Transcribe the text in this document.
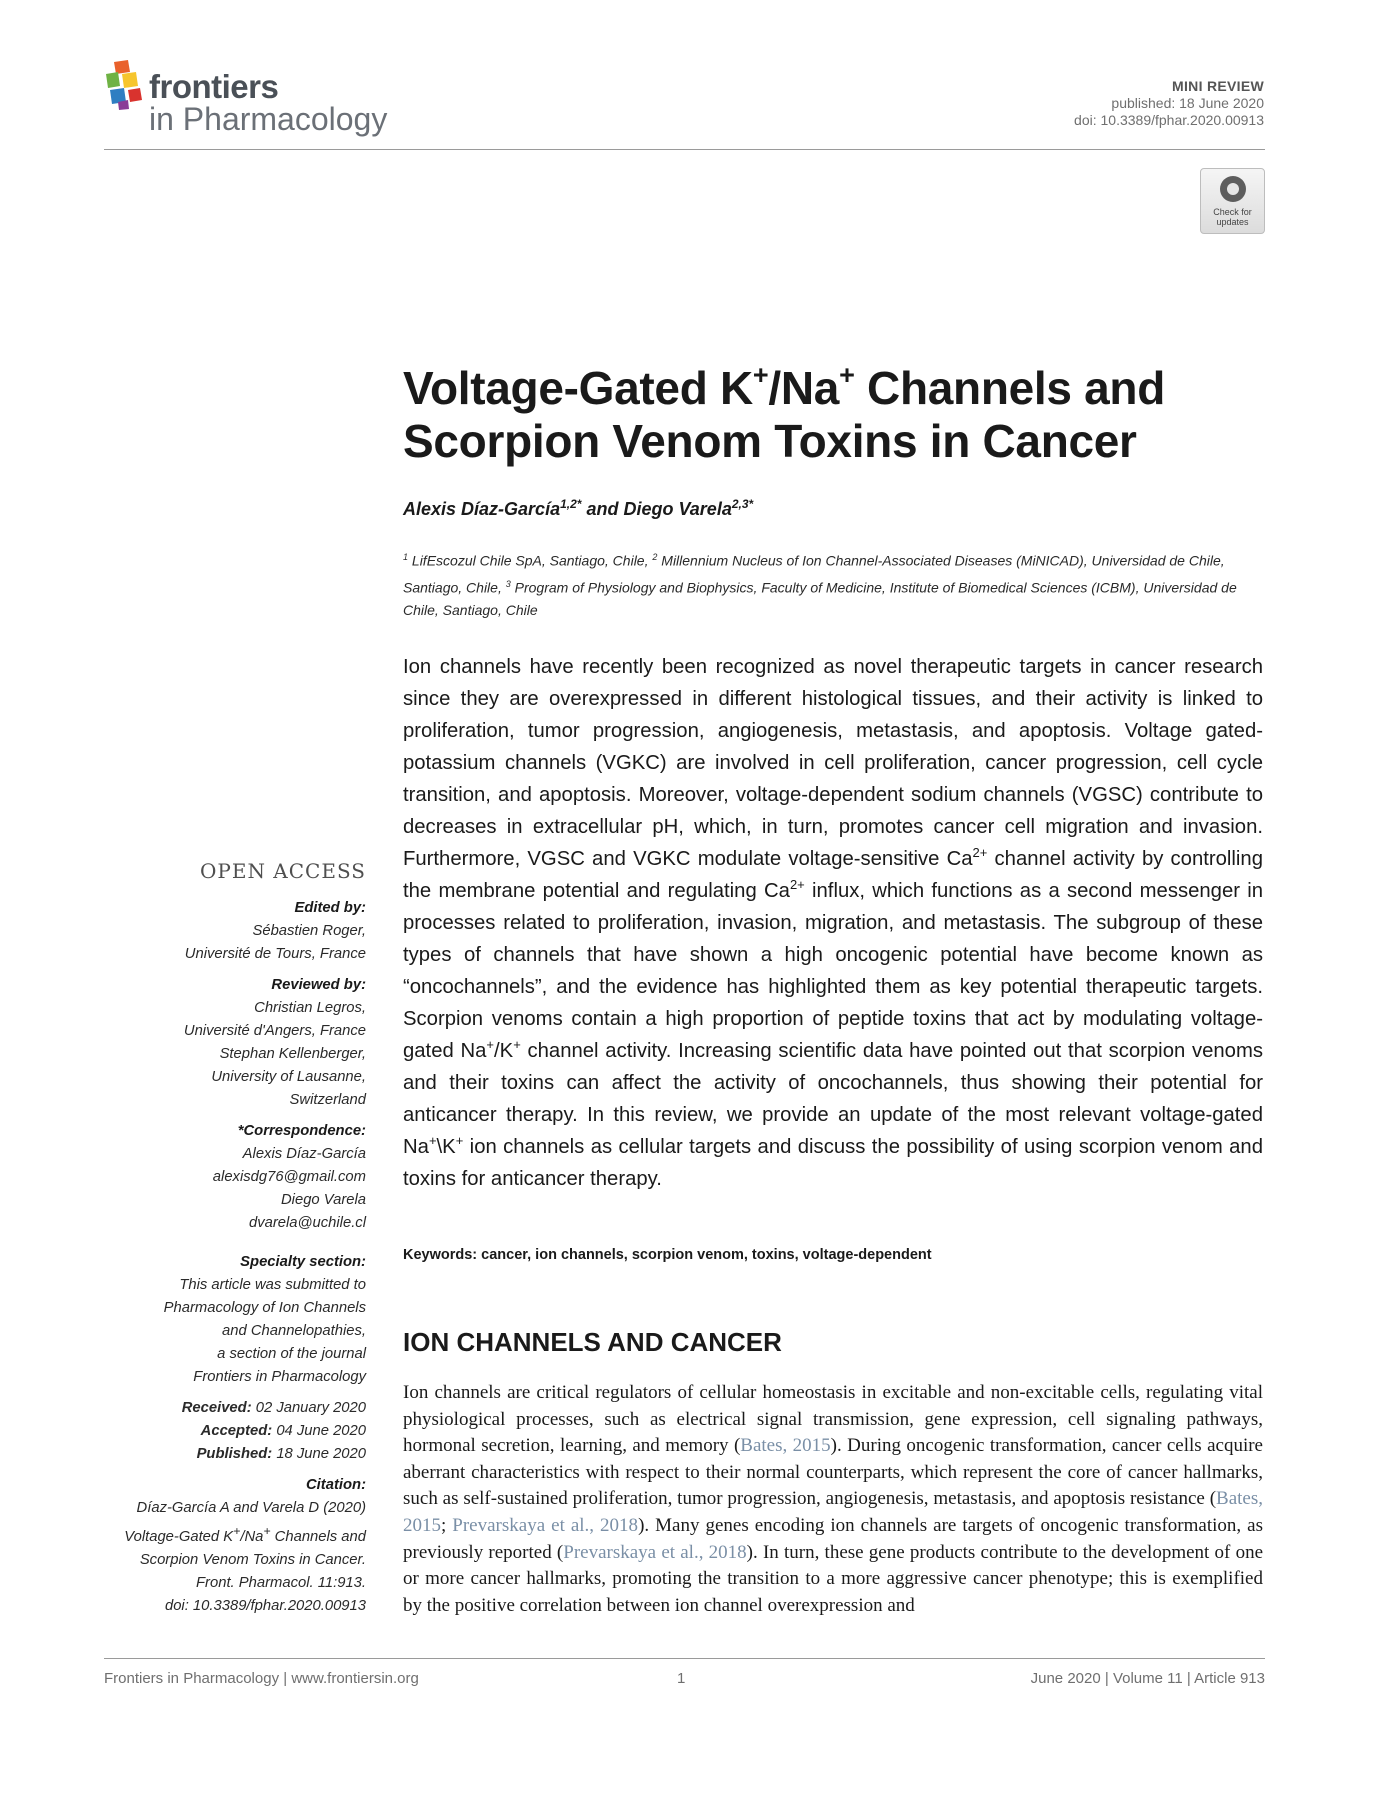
frontiers
in Pharmacology
MINI REVIEW
published: 18 June 2020
doi: 10.3389/fphar.2020.00913
Check for
updates
Voltage-Gated K+/Na+ Channels and
Scorpion Venom Toxins in Cancer
Alexis Díaz-García$^{1,2*}$ and Diego Varela$^{2,3*}$
$^1$ LifEscozul Chile SpA, Santiago, Chile, $^2$ Millennium Nucleus of Ion Channel-Associated Diseases (MiNICAD), Universidad de Chile, Santiago, Chile, $^3$ Program of Physiology and Biophysics, Faculty of Medicine, Institute of Biomedical Sciences (ICBM), Universidad de Chile, Santiago, Chile
Ion channels have recently been recognized as novel therapeutic targets in cancer research since they are overexpressed in different histological tissues, and their activity is linked to proliferation, tumor progression, angiogenesis, metastasis, and apoptosis. Voltage gated-potassium channels (VGKC) are involved in cell proliferation, cancer progression, cell cycle transition, and apoptosis. Moreover, voltage-dependent sodium channels (VGSC) contribute to decreases in extracellular pH, which, in turn, promotes cancer cell migration and invasion. Furthermore, VGSC and VGKC modulate voltage-sensitive $Ca^{2+}$ channel activity by controlling the membrane potential and regulating $Ca^{2+}$ influx, which functions as a second messenger in processes related to proliferation, invasion, migration, and metastasis. The subgroup of these types of channels that have shown a high oncogenic potential have become known as “oncochannels”, and the evidence has highlighted them as key potential therapeutic targets. Scorpion venoms contain a high proportion of peptide toxins that act by modulating voltage-gated Na+/K+ channel activity. Increasing scientific data have pointed out that scorpion venoms and their toxins can affect the activity of oncochannels, thus showing their potential for anticancer therapy. In this review, we provide an update of the most relevant voltage-gated Na+\K+ ion channels as cellular targets and discuss the possibility of using scorpion venom and toxins for anticancer therapy.
Keywords: cancer, ion channels, scorpion venom, toxins, voltage-dependent
OPEN ACCESS
Edited by:
Sébastien Roger,
Université de Tours, France
Reviewed by:
Christian Legros,
Université d'Angers, France
Stephan Kellenberger,
University of Lausanne,
Switzerland
*Correspondence:
Alexis Díaz-García
alexisdg76@gmail.com
Diego Varela
dvarela@uchile.cl
Specialty section:
This article was submitted to
Pharmacology of Ion Channels
and Channelopathies,
a section of the journal
Frontiers in Pharmacology
Received: 02 January 2020
Accepted: 04 June 2020
Published: 18 June 2020
Citation:
Díaz-García A and Varela D (2020)
Voltage-Gated K+/Na+ Channels and
Scorpion Venom Toxins in Cancer.
Front. Pharmacol. 11:913.
doi: 10.3389/fphar.2020.00913
ION CHANNELS AND CANCER
Ion channels are critical regulators of cellular homeostasis in excitable and non-excitable cells, regulating vital physiological processes, such as electrical signal transmission, gene expression, cell signaling pathways, hormonal secretion, learning, and memory (Bates, 2015). During oncogenic transformation, cancer cells acquire aberrant characteristics with respect to their normal counterparts, which represent the core of cancer hallmarks, such as self-sustained proliferation, tumor progression, angiogenesis, metastasis, and apoptosis resistance (Bates, 2015; Prevarskaya et al., 2018). Many genes encoding ion channels are targets of oncogenic transformation, as previously reported (Prevarskaya et al., 2018). In turn, these gene products contribute to the development of one or more cancer hallmarks, promoting the transition to a more aggressive cancer phenotype; this is exemplified by the positive correlation between ion channel overexpression and
Frontiers in Pharmacology | www.frontiersin.org	1	June 2020 | Volume 11 | Article 913
